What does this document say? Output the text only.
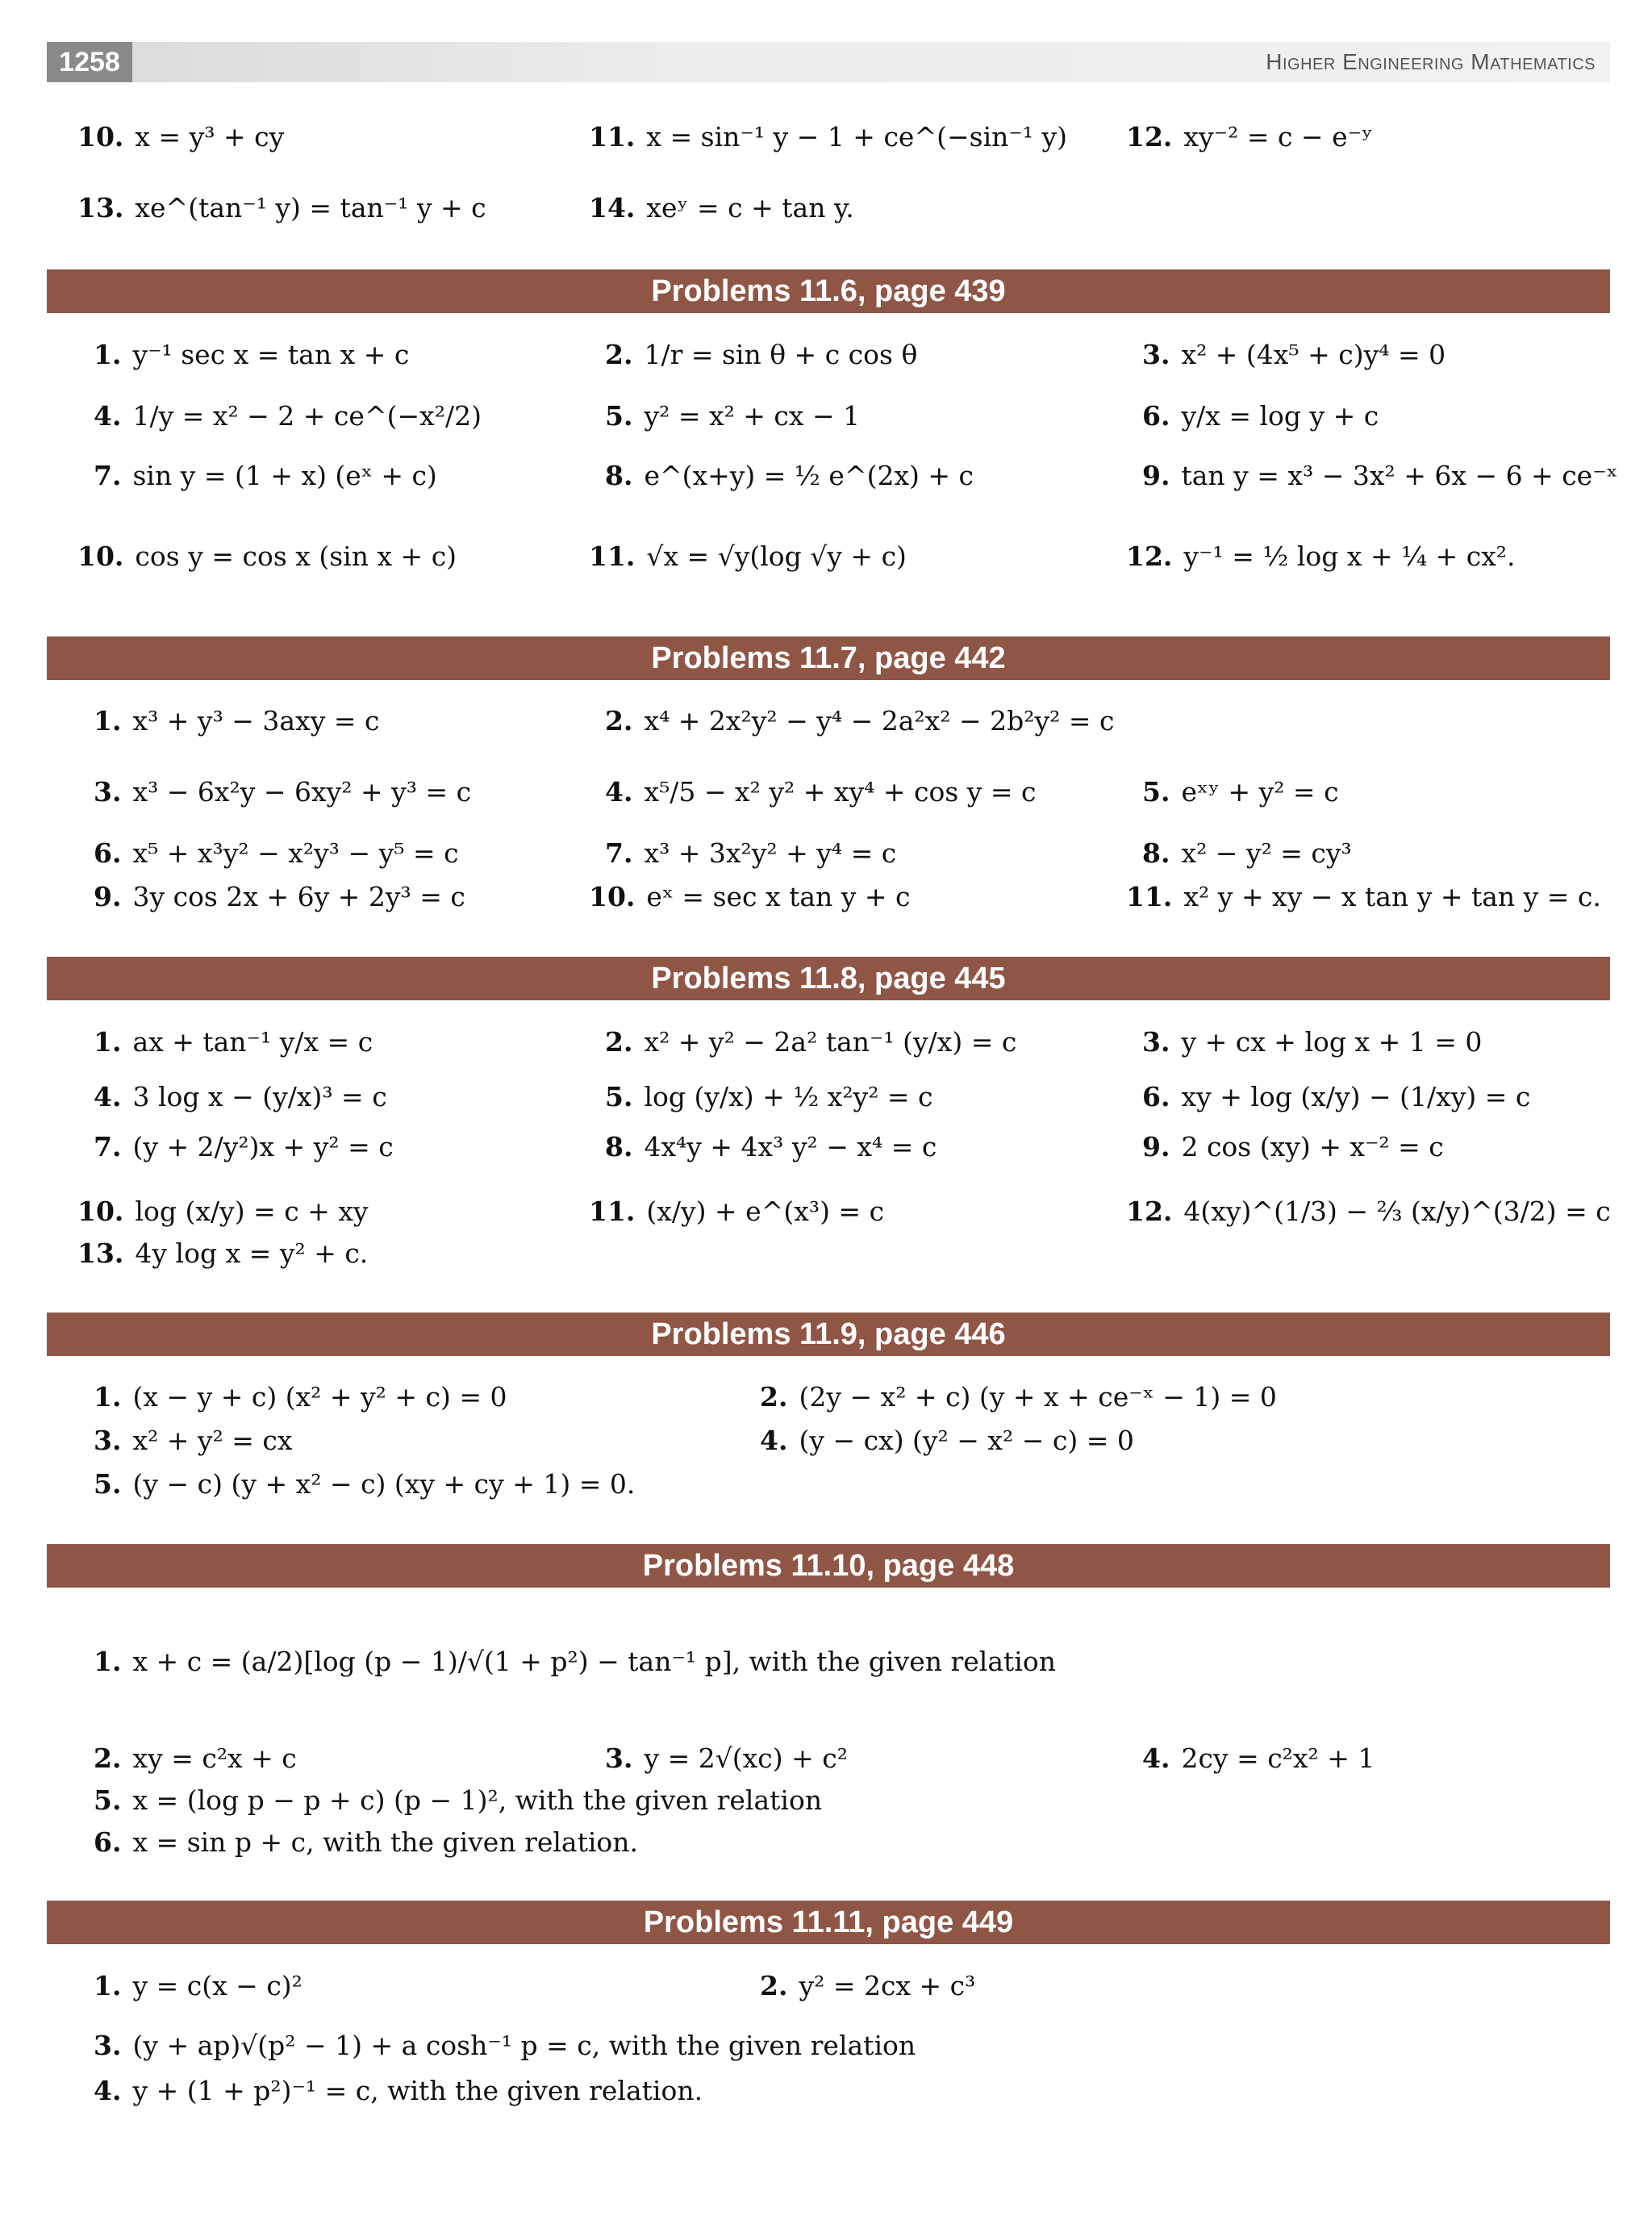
1258	Higher Engineering Mathematics
10. x = y³ + cy	11. x = sin⁻¹ y − 1 + ce^(−sin⁻¹ y) 12. xy⁻² = c − e⁻ʸ
13. xe^(tan⁻¹ y) = tan⁻¹ y + c	14. xeʸ = c + tan y.
Problems 11.6, page 439
1. y⁻¹ sec x = tan x + c	2. 1/r = sin θ + c cos θ	3. x² + (4x⁵ + c)y⁴ = 0
4. 1/y = x² − 2 + ce^(−x²/2)	5. y² = x² + cx − 1	6. y/x = log y + c
7. sin y = (1 + x) (eˣ + c)	8. e^(x+y) = ½ e^(2x) + c	9. tan y = x³ − 3x² + 6x − 6 + ce⁻ˣ
10. cos y = cos x (sin x + c)	11. √x = √y(log √y + c)	12. y⁻¹ = ½ log x + ¼ + cx².
Problems 11.7, page 442
1. x³ + y³ − 3axy = c	2. x⁴ + 2x²y² − y⁴ − 2a²x² − 2b²y² = c
3. x³ − 6x²y − 6xy² + y³ = c	4. x⁵/5 − x² y² + xy⁴ + cos y = c	5. eˣʸ + y² = c
6. x⁵ + x³y² − x²y³ − y⁵ = c	7. x³ + 3x²y² + y⁴ = c	8. x² − y² = cy³
9. 3y cos 2x + 6y + 2y³ = c	10. eˣ = sec x tan y + c	11. x² y + xy − x tan y + tan y = c.
Problems 11.8, page 445
1. ax + tan⁻¹ y/x = c	2. x² + y² − 2a² tan⁻¹ (y/x) = c	3. y + cx + log x + 1 = 0
4. 3 log x − (y/x)³ = c	5. log (y/x) + ½ x²y² = c	6. xy + log (x/y) − (1/xy) = c
7. (y + 2/y²)x + y² = c	8. 4x⁴y + 4x³ y² − x⁴ = c	9. 2 cos (xy) + x⁻² = c
10. log (x/y) = c + xy	11. (x/y) + e^(x³) = c	12. 4(xy)^(1/3) − ⅔ (x/y)^(3/2) = c
13. 4y log x = y² + c.
Problems 11.9, page 446
1. (x − y + c) (x² + y² + c) = 0	2. (2y − x² + c) (y + x + ce⁻ˣ − 1) = 0
3. x² + y² = cx	4. (y − cx) (y² − x² − c) = 0
5. (y − c) (y + x² − c) (xy + cy + 1) = 0.
Problems 11.10, page 448
1. x + c = (a/2)[log (p − 1)/√(1 + p²) − tan⁻¹ p], with the given relation
2. xy = c²x + c	3. y = 2√(xc) + c²	4. 2cy = c²x² + 1
5. x = (log p − p + c) (p − 1)², with the given relation
6. x = sin p + c, with the given relation.
Problems 11.11, page 449
1. y = c(x − c)²	2. y² = 2cx + c³
3. (y + ap)√(p² − 1) + a cosh⁻¹ p = c, with the given relation
4. y + (1 + p²)⁻¹ = c, with the given relation.
